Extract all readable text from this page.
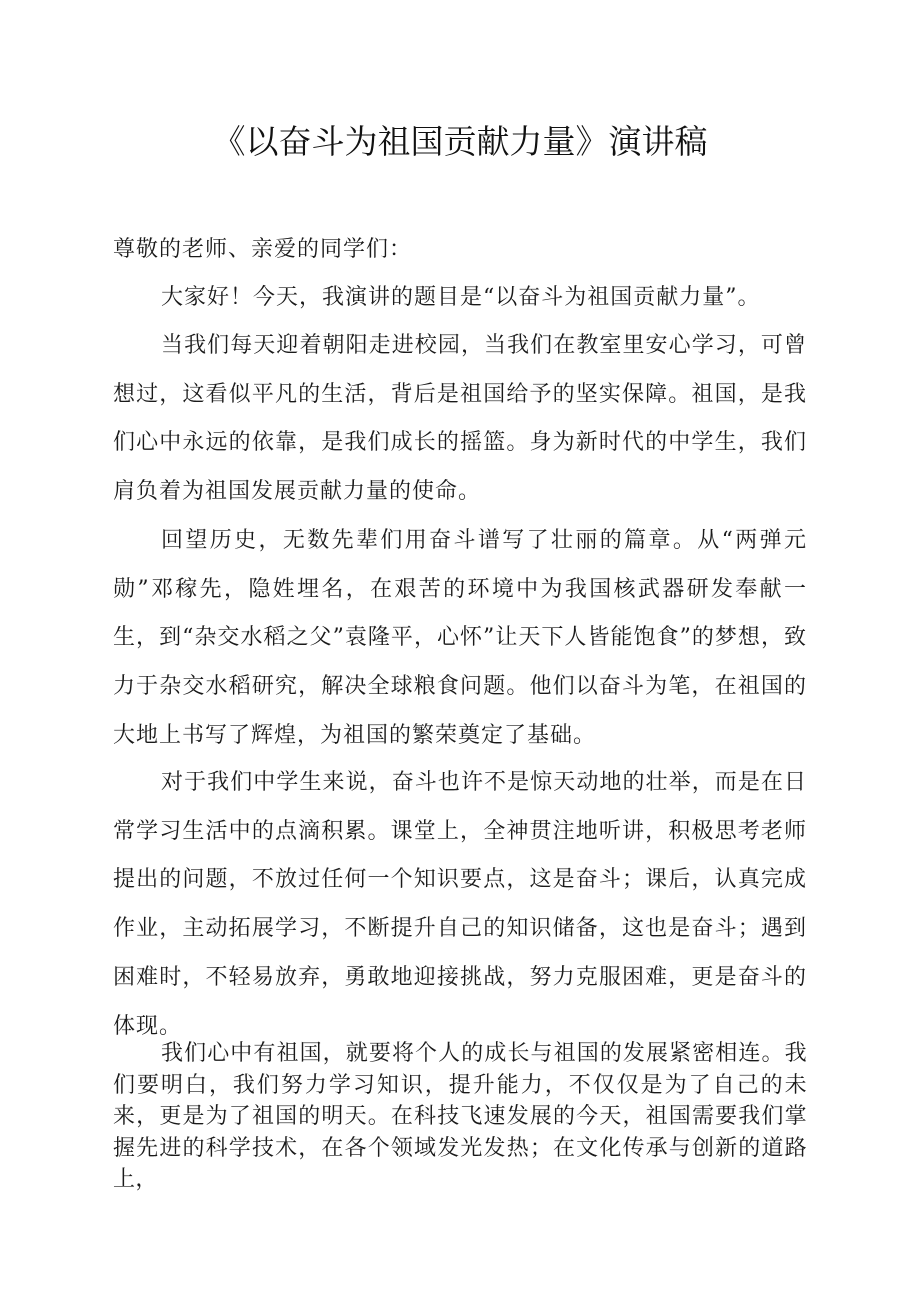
《以奋斗为祖国贡献力量》演讲稿

尊敬的老师、亲爱的同学们：

大家好！今天，我演讲的题目是“以奋斗为祖国贡献力量”。

当我们每天迎着朝阳走进校园，当我们在教室里安心学习，可曾想过，这看似平凡的生活，背后是祖国给予的坚实保障。祖国，是我们心中永远的依靠，是我们成长的摇篮。身为新时代的中学生，我们肩负着为祖国发展贡献力量的使命。

回望历史，无数先辈们用奋斗谱写了壮丽的篇章。从“两弹元勋”邓稼先，隐姓埋名，在艰苦的环境中为我国核武器研发奉献一生，到“杂交水稻之父”袁隆平，心怀”让天下人皆能饱食”的梦想，致力于杂交水稻研究，解决全球粮食问题。他们以奋斗为笔，在祖国的大地上书写了辉煌，为祖国的繁荣奠定了基础。

对于我们中学生来说，奋斗也许不是惊天动地的壮举，而是在日常学习生活中的点滴积累。课堂上，全神贯注地听讲，积极思考老师提出的问题，不放过任何一个知识要点，这是奋斗；课后，认真完成作业，主动拓展学习，不断提升自己的知识储备，这也是奋斗；遇到困难时，不轻易放弃，勇敢地迎接挑战，努力克服困难，更是奋斗的体现。

我们心中有祖国，就要将个人的成长与祖国的发展紧密相连。我们要明白，我们努力学习知识，提升能力，不仅仅是为了自己的未来，更是为了祖国的明天。在科技飞速发展的今天，祖国需要我们掌握先进的科学技术，在各个领域发光发热；在文化传承与创新的道路上，
